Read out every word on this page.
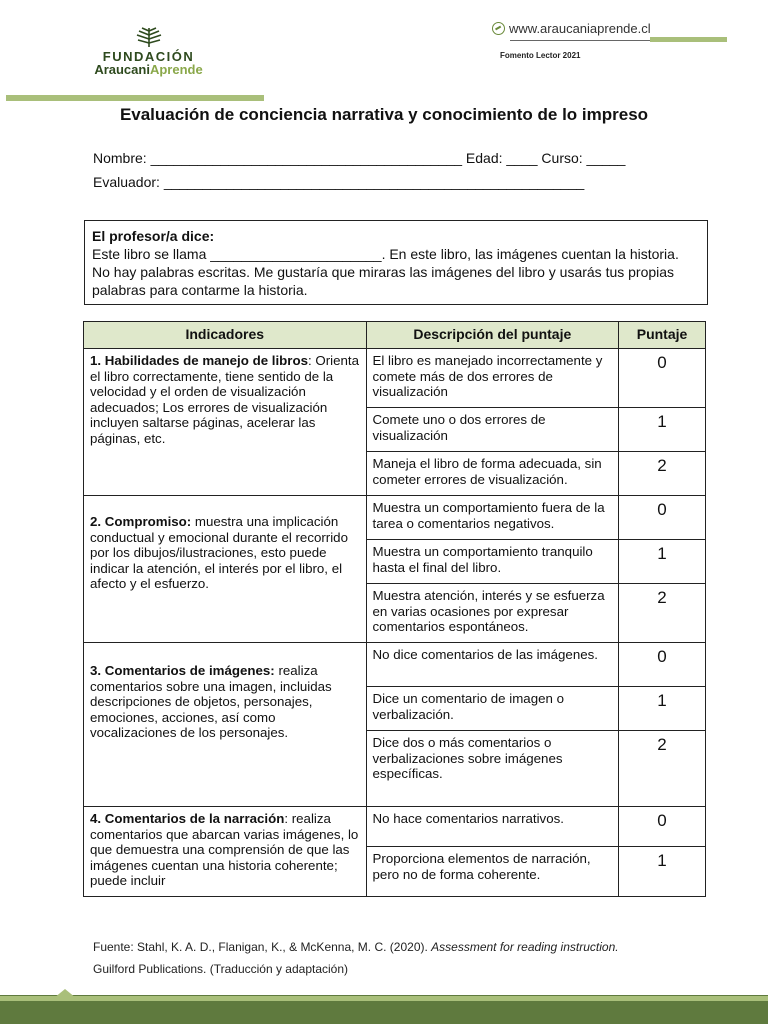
FUNDACIÓN
AraucaniAprende
www.araucaniaprende.cl
Fomento Lector 2021
Evaluación de conciencia narrativa y conocimiento de lo impreso
Nombre: ________________________________________ Edad: ____ Curso: _____
Evaluador: ______________________________________________________
El profesor/a dice:
Este libro se llama ______________________. En este libro, las imágenes cuentan la historia. No hay palabras escritas. Me gustaría que miraras las imágenes del libro y usarás tus propias palabras para contarme la historia.
Indicadores	Descripción del puntaje	Puntaje
1. Habilidades de manejo de libros: Orienta el libro correctamente, tiene sentido de la velocidad y el orden de visualización adecuados; Los errores de visualización incluyen saltarse páginas, acelerar las páginas, etc.	El libro es manejado incorrectamente y comete más de dos errores de visualización	0
	Comete uno o dos errores de visualización	1
	Maneja el libro de forma adecuada, sin cometer errores de visualización.	2
2. Compromiso: muestra una implicación conductual y emocional durante el recorrido por los dibujos/ilustraciones, esto puede indicar la atención, el interés por el libro, el afecto y el esfuerzo.	Muestra un comportamiento fuera de la tarea o comentarios negativos.	0
	Muestra un comportamiento tranquilo hasta el final del libro.	1
	Muestra atención, interés y se esfuerza en varias ocasiones por expresar comentarios espontáneos.	2
3. Comentarios de imágenes: realiza comentarios sobre una imagen, incluidas descripciones de objetos, personajes, emociones, acciones, así como vocalizaciones de los personajes.	No dice comentarios de las imágenes.	0
	Dice un comentario de imagen o verbalización.	1
	Dice dos o más comentarios o verbalizaciones sobre imágenes específicas.	2
4. Comentarios de la narración: realiza comentarios que abarcan varias imágenes, lo que demuestra una comprensión de que las imágenes cuentan una historia coherente; puede incluir	No hace comentarios narrativos.	0
	Proporciona elementos de narración, pero no de forma coherente.	1
Fuente: Stahl, K. A. D., Flanigan, K., & McKenna, M. C. (2020). Assessment for reading instruction.
Guilford Publications. (Traducción y adaptación)
